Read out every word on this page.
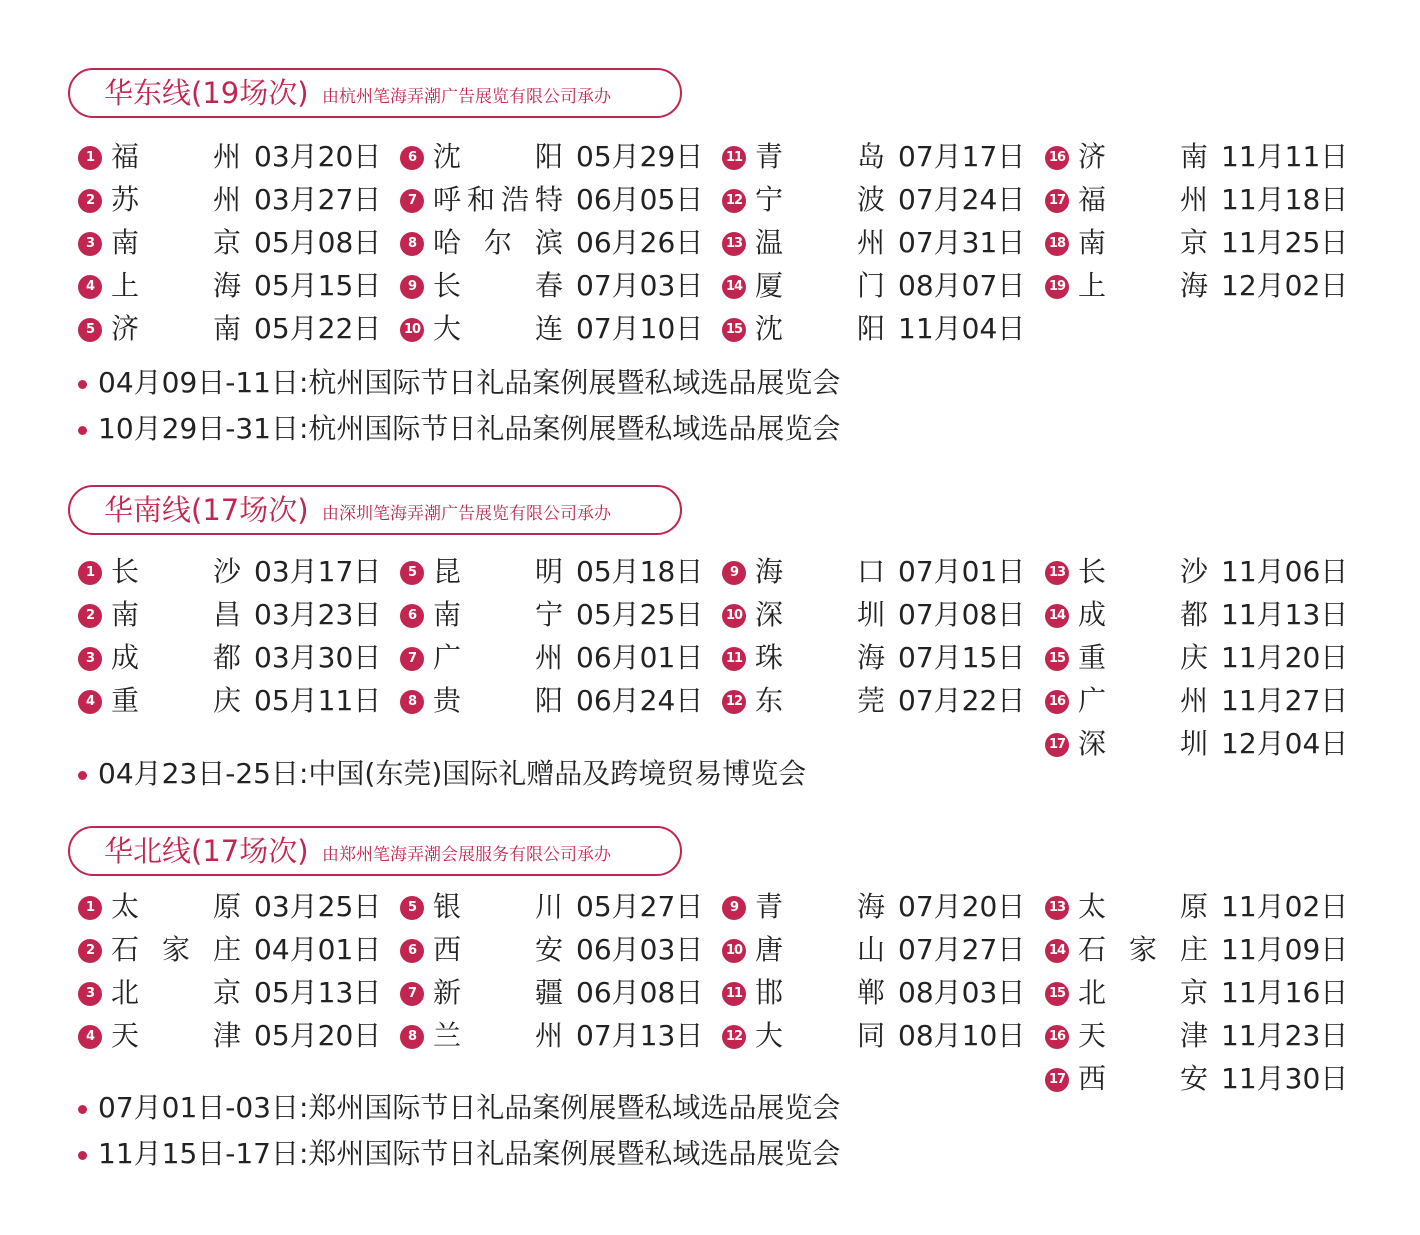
华东线(19场次) 由杭州笔海弄潮广告展览有限公司承办
1 福州 03月20日
2 苏州 03月27日
3 南京 05月08日
4 上海 05月15日
5 济南 05月22日
6 沈阳 05月29日
7 呼和浩特 06月05日
8 哈尔滨 06月26日
9 长春 07月03日
10 大连 07月10日
11 青岛 07月17日
12 宁波 07月24日
13 温州 07月31日
14 厦门 08月07日
15 沈阳 11月04日
16 济南 11月11日
17 福州 11月18日
18 南京 11月25日
19 上海 12月02日
04月09日-11日:杭州国际节日礼品案例展暨私域选品展览会
10月29日-31日:杭州国际节日礼品案例展暨私域选品展览会
华南线(17场次) 由深圳笔海弄潮广告展览有限公司承办
1 长沙 03月17日
2 南昌 03月23日
3 成都 03月30日
4 重庆 05月11日
5 昆明 05月18日
6 南宁 05月25日
7 广州 06月01日
8 贵阳 06月24日
9 海口 07月01日
10 深圳 07月08日
11 珠海 07月15日
12 东莞 07月22日
13 长沙 11月06日
14 成都 11月13日
15 重庆 11月20日
16 广州 11月27日
17 深圳 12月04日
04月23日-25日:中国(东莞)国际礼赠品及跨境贸易博览会
华北线(17场次) 由郑州笔海弄潮会展服务有限公司承办
1 太原 03月25日
2 石家庄 04月01日
3 北京 05月13日
4 天津 05月20日
5 银川 05月27日
6 西安 06月03日
7 新疆 06月08日
8 兰州 07月13日
9 青海 07月20日
10 唐山 07月27日
11 邯郸 08月03日
12 大同 08月10日
13 太原 11月02日
14 石家庄 11月09日
15 北京 11月16日
16 天津 11月23日
17 西安 11月30日
07月01日-03日:郑州国际节日礼品案例展暨私域选品展览会
11月15日-17日:郑州国际节日礼品案例展暨私域选品展览会
